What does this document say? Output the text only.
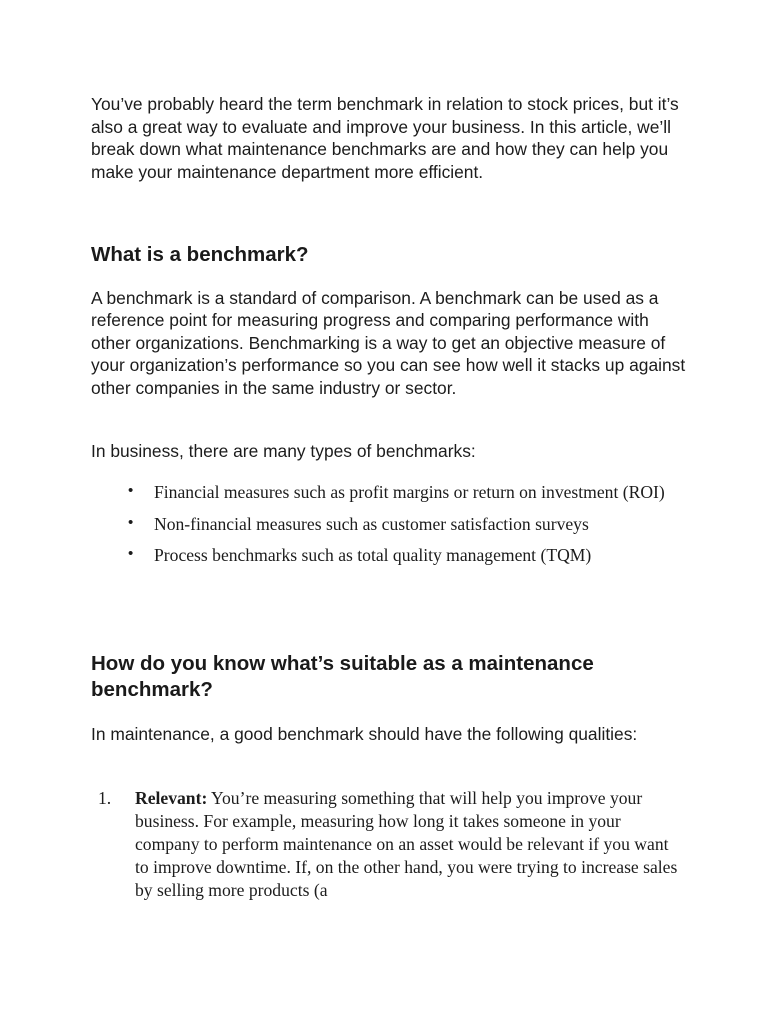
You’ve probably heard the term benchmark in relation to stock prices, but it’s also a great way to evaluate and improve your business. In this article, we’ll break down what maintenance benchmarks are and how they can help you make your maintenance department more efficient.

What is a benchmark?

A benchmark is a standard of comparison. A benchmark can be used as a reference point for measuring progress and comparing performance with other organizations. Benchmarking is a way to get an objective measure of your organization’s performance so you can see how well it stacks up against other companies in the same industry or sector.

In business, there are many types of benchmarks:

• Financial measures such as profit margins or return on investment (ROI)
• Non-financial measures such as customer satisfaction surveys
• Process benchmarks such as total quality management (TQM)
How do you know what’s suitable as a maintenance benchmark?

In maintenance, a good benchmark should have the following qualities:

1. Relevant: You’re measuring something that will help you improve your business. For example, measuring how long it takes someone in your company to perform maintenance on an asset would be relevant if you want to improve downtime. If, on the other hand, you were trying to increase sales by selling more products (a
